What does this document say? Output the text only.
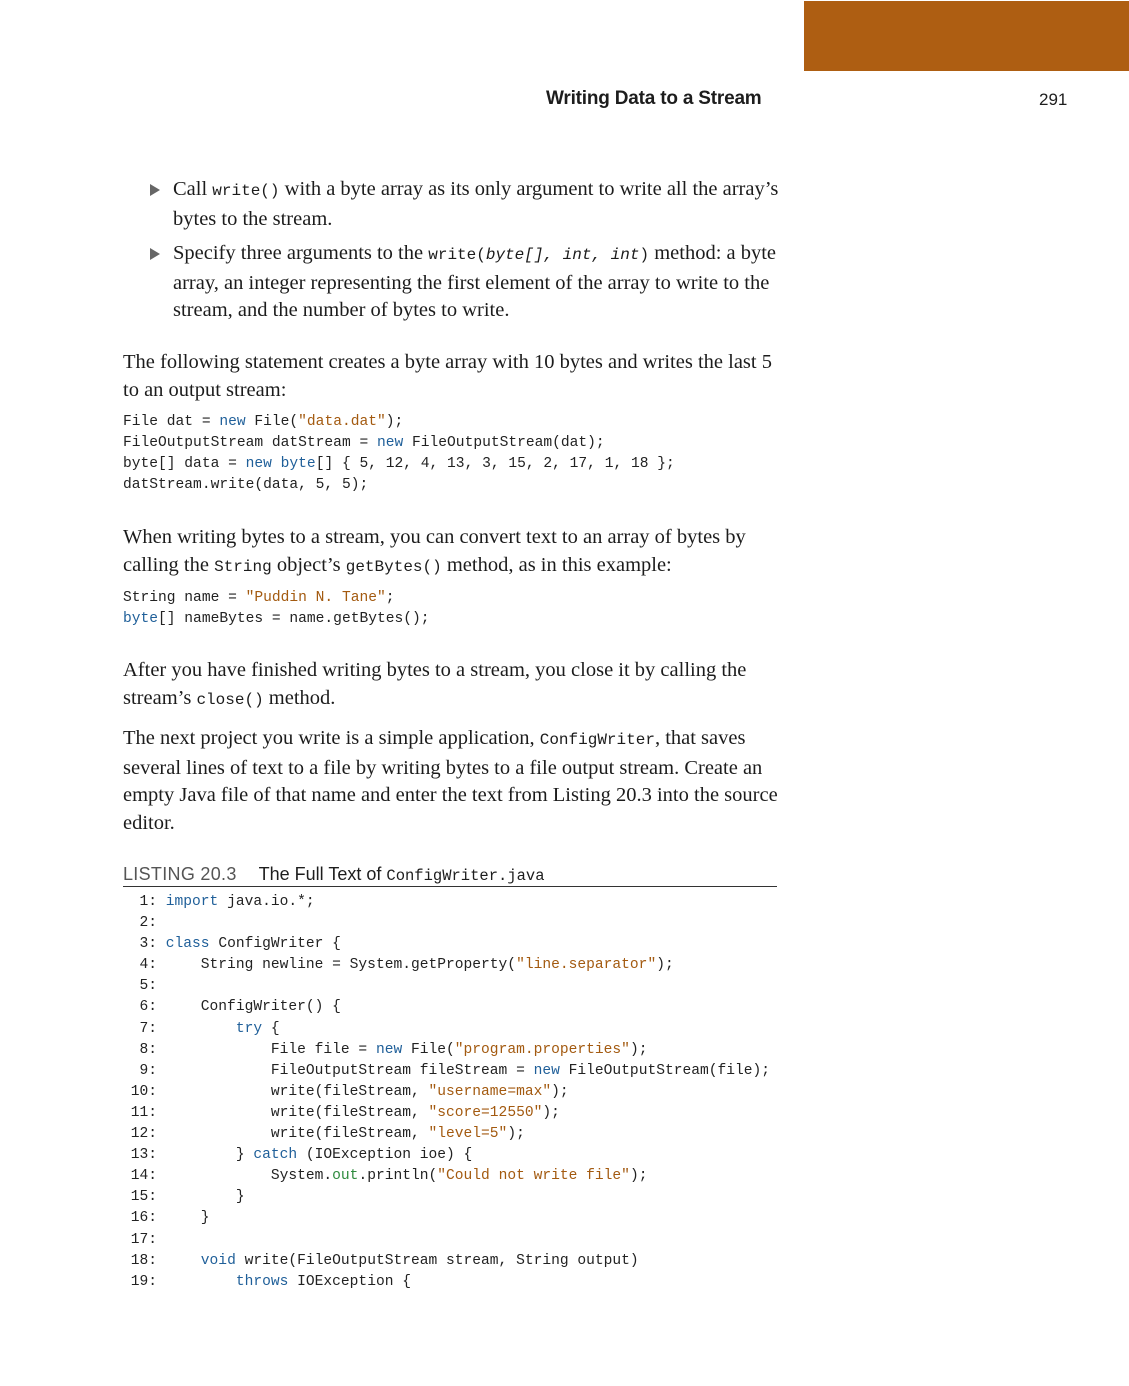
Writing Data to a Stream	291
Call write() with a byte array as its only argument to write all the array’s bytes to the stream.
Specify three arguments to the write(byte[], int, int) method: a byte array, an integer representing the first element of the array to write to the stream, and the number of bytes to write.
The following statement creates a byte array with 10 bytes and writes the last 5 to an output stream:
File dat = new File("data.dat");
FileOutputStream datStream = new FileOutputStream(dat);
byte[] data = new byte[] { 5, 12, 4, 13, 3, 15, 2, 17, 1, 18 };
datStream.write(data, 5, 5);
When writing bytes to a stream, you can convert text to an array of bytes by calling the String object’s getBytes() method, as in this example:
String name = "Puddin N. Tane";
byte[] nameBytes = name.getBytes();
After you have finished writing bytes to a stream, you close it by calling the stream’s close() method.
The next project you write is a simple application, ConfigWriter, that saves several lines of text to a file by writing bytes to a file output stream. Create an empty Java file of that name and enter the text from Listing 20.3 into the source editor.
LISTING 20.3 The Full Text of ConfigWriter.java
1: import java.io.*;
2:
3: class ConfigWriter {
4:     String newline = System.getProperty("line.separator");
5:
6:     ConfigWriter() {
7:	try {
8:             File file = new File("program.properties");
9:             FileOutputStream fileStream = new FileOutputStream(file);
10:             write(fileStream, "username=max");
11:             write(fileStream, "score=12550");
12:             write(fileStream, "level=5");
13:         } catch (IOException ioe) {
14:             System.out.println("Could not write file");
15:         }
16:     }
17:
18:	void write(FileOutputStream stream, String output)
19:	throws IOException {
